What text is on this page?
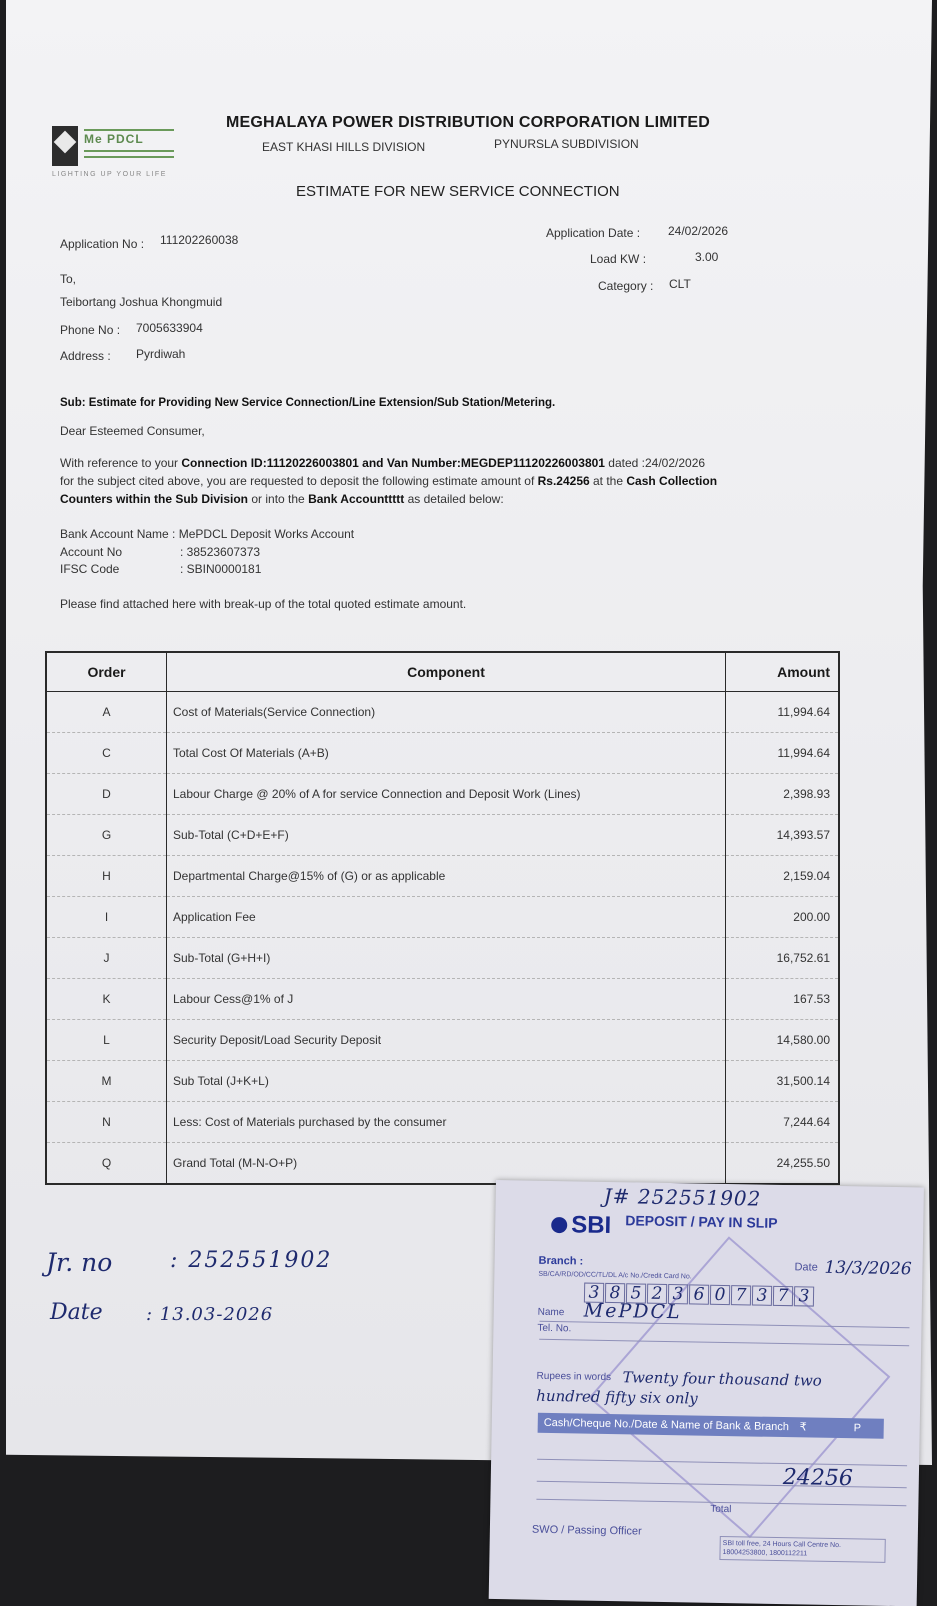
Me PDCL
LIGHTING UP YOUR LIFE
MEGHALAYA POWER DISTRIBUTION CORPORATION LIMITED
EAST KHASI HILLS DIVISION	PYNURSLA SUBDIVISION
ESTIMATE FOR NEW SERVICE CONNECTION
Application No : 111202260038	Application Date : 24/02/2026
Load KW :	3.00
Category : CLT
To,
Teibortang Joshua Khongmuid
Phone No : 7005633904
Address : Pyrdiwah
Sub: Estimate for Providing New Service Connection/Line Extension/Sub Station/Metering.
Dear Esteemed Consumer,
With reference to your Connection ID:11120226003801 and Van Number:MEGDEP11120226003801 dated :24/02/2026
for the subject cited above, you are requested to deposit the following estimate amount of Rs.24256 at the Cash Collection
Counters within the Sub Division or into the Bank Accounttttt as detailed below:
Bank Account Name : MePDCL Deposit Works Account
Account No	: 38523607373
IFSC Code	: SBIN0000181
Please find attached here with break-up of the total quoted estimate amount.
Order	Component	Amount
A	Cost of Materials(Service Connection)	11,994.64
C	Total Cost Of Materials (A+B)	11,994.64
D	Labour Charge @ 20% of A for service Connection and Deposit Work (Lines)	2,398.93
G	Sub-Total (C+D+E+F)	14,393.57
H	Departmental Charge@15% of (G) or as applicable	2,159.04
I	Application Fee	200.00
J	Sub-Total (G+H+I)	16,752.61
K	Labour Cess@1% of J	167.53
L	Security Deposit/Load Security Deposit	14,580.00
M	Sub Total (J+K+L)	31,500.14
N	Less: Cost of Materials purchased by the consumer	7,244.64
Q	Grand Total (M-N-O+P)	24,255.50
Jr. no	: 252551902
Date : 13.03-2026
J# 252551902
SBI DEPOSIT / PAY IN SLIP
Branch :	Date 13/3/2026
SB/CA/RD/OD/CC/TL/DL A/c No./Credit Card No.
3 8 5 2 3 6 0 7 3 7 3
Name MePDCL
Tel. No.
Rupees in words Twenty four thousand two
hundred fifty six only
Cash/Cheque No./Date & Name of Bank & Branch ₹	P
24256
Total
SWO / Passing Officer
SBI toll free, 24 Hours Call Centre No. 18004253800, 1800112211
